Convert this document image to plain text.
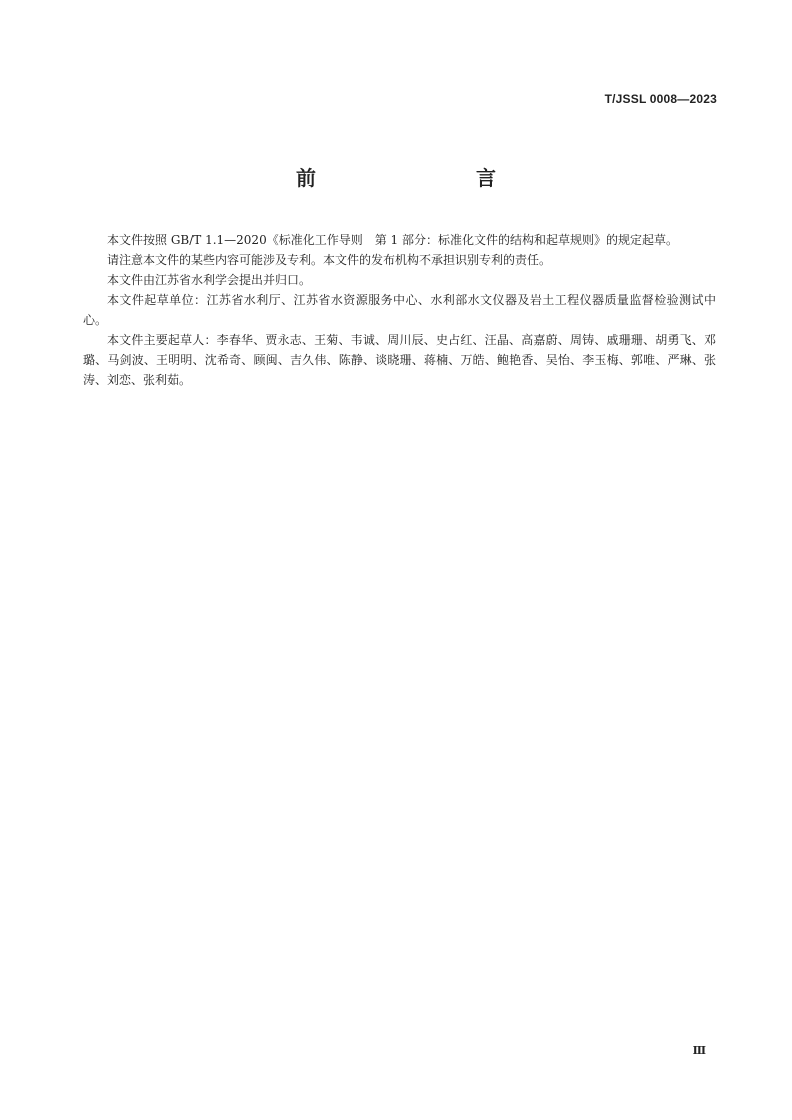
T/JSSL 0008—2023
前　　言

本文件按照 GB/T 1.1—2020《标准化工作导则　第 1 部分：标准化文件的结构和起草规则》的规定起草。

请注意本文件的某些内容可能涉及专利。本文件的发布机构不承担识别专利的责任。

本文件由江苏省水利学会提出并归口。

本文件起草单位：江苏省水利厅、江苏省水资源服务中心、水利部水文仪器及岩土工程仪器质量监督检验测试中心。

本文件主要起草人：李春华、贾永志、王菊、韦诚、周川辰、史占红、汪晶、高嘉蔚、周铸、戚珊珊、胡勇飞、邓璐、马剑波、王明明、沈希奇、顾闽、吉久伟、陈静、谈晓珊、蒋楠、万皓、鲍艳香、吴怡、李玉梅、郭唯、严琳、张涛、刘恋、张利茹。

Ⅲ
